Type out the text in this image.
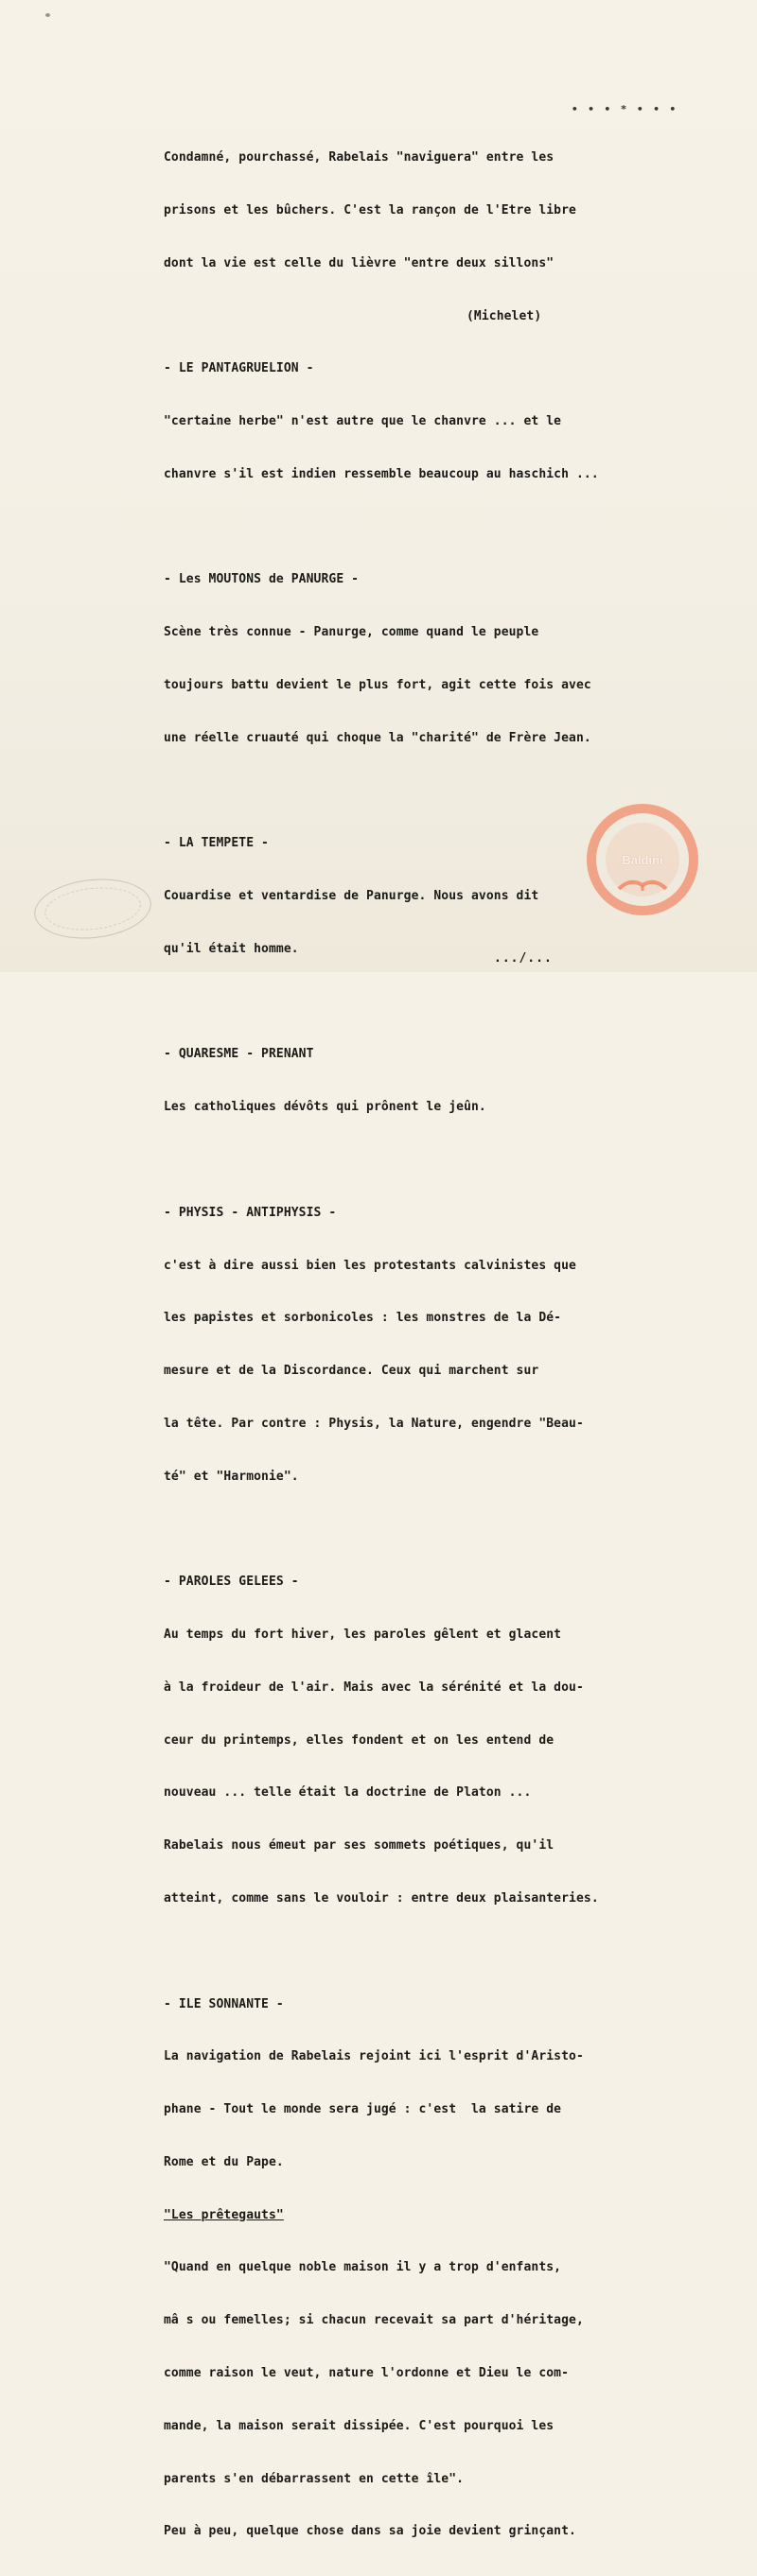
• • • * • • •

Condamné, pourchassé, Rabelais "naviguera" entre les

prisons et les bûchers. C'est la rançon de l'Etre libre

dont la vie est celle du lièvre "entre deux sillons"

(Michelet)

- LE PANTAGRUELION -

"certaine herbe" n'est autre que le chanvre ... et le

chanvre s'il est indien ressemble beaucoup au haschich ...

- Les MOUTONS de PANURGE -

Scène très connue - Panurge, comme quand le peuple

toujours battu devient le plus fort, agit cette fois avec

une réelle cruauté qui choque la "charité" de Frère Jean.

- LA TEMPETE -

Couardise et ventardise de Panurge. Nous avons dit

qu'il était homme.

- QUARESME - PRENANT

Les catholiques dévôts qui prônent le jeûn.

- PHYSIS - ANTIPHYSIS -

c'est à dire aussi bien les protestants calvinistes que

les papistes et sorbonicoles : les monstres de la Dé-

mesure et de la Discordance. Ceux qui marchent sur

la tête. Par contre : Physis, la Nature, engendre "Beau-

té" et "Harmonie".

- PAROLES GELEES -

Au temps du fort hiver, les paroles gêlent et glacent

à la froideur de l'air. Mais avec la sérénité et la dou-

ceur du printemps, elles fondent et on les entend de

nouveau ... telle était la doctrine de Platon ...

Rabelais nous émeut par ses sommets poétiques, qu'il

atteint, comme sans le vouloir : entre deux plaisanteries.

- ILE SONNANTE -

La navigation de Rabelais rejoint ici l'esprit d'Aristo-

phane - Tout le monde sera jugé : c'est  la satire de

Rome et du Pape.

"Les prêtegauts"

"Quand en quelque noble maison il y a trop d'enfants,

mâ s ou femelles; si chacun recevait sa part d'héritage,

comme raison le veut, nature l'ordonne et Dieu le com-

mande, la maison serait dissipée. C'est pourquoi les

parents s'en débarrassent en cette île".

Peu à peu, quelque chose dans sa joie devient grinçant.

Baldini
.../...
